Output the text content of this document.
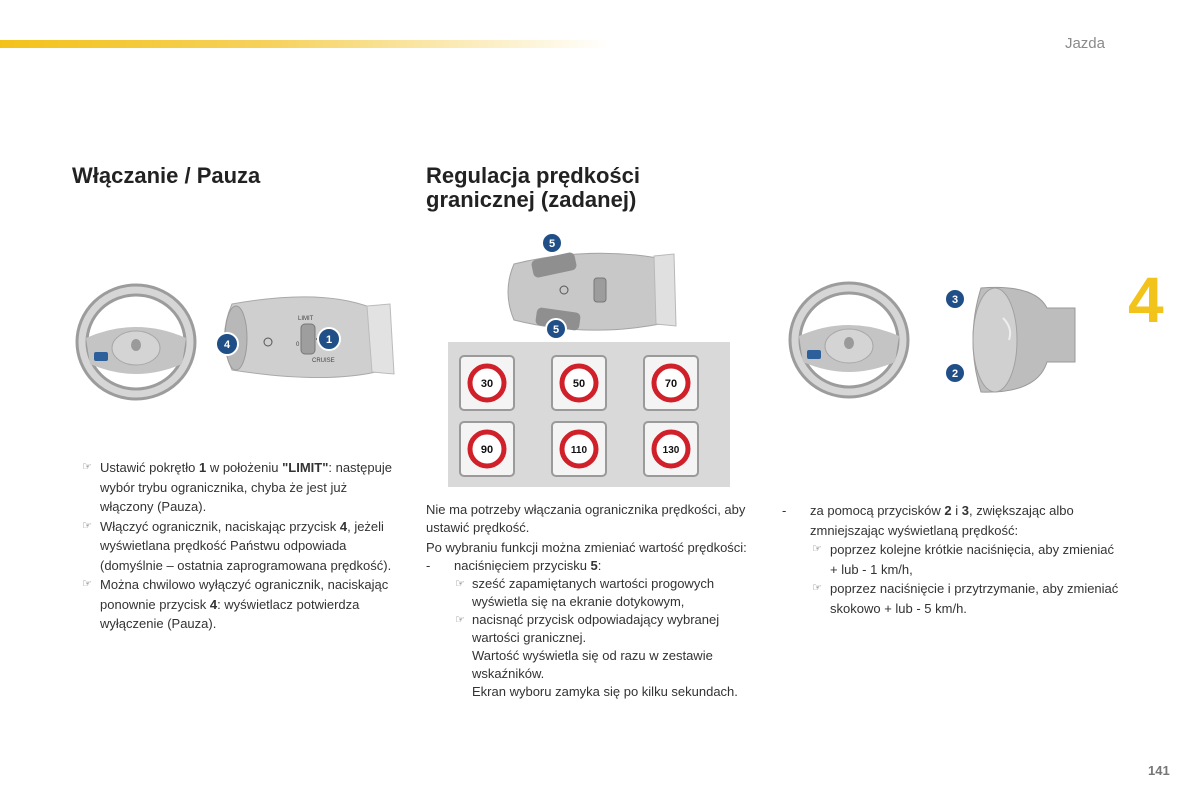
Jazda
4
141
Włączanie / Pauza	Regulacja prędkości granicznej (zadanej)
LIMIT
0
CRUISE
4	1
5
5
30	50	70
90	110	130
3
2

☞ Ustawić pokrętło 1 w położeniu "LIMIT": następuje wybór trybu ogranicznika, chyba że jest już włączony (Pauza).

☞ Włączyć ogranicznik, naciskając przycisk 4, jeżeli wyświetlana prędkość Państwu odpowiada (domyślnie – ostatnia zaprogramowana prędkość).

☞ Można chwilowo wyłączyć ogranicznik, naciskając ponownie przycisk 4: wyświetlacz potwierdza wyłączenie (Pauza).

Nie ma potrzeby włączania ogranicznika prędkości, aby ustawić prędkość.

Po wybraniu funkcji można zmieniać wartość prędkości:

- naciśnięciem przycisku 5:

☞ sześć zapamiętanych wartości progowych wyświetla się na ekranie dotykowym,

☞ nacisnąć przycisk odpowiadający wybranej wartości granicznej.

Wartość wyświetla się od razu w zestawie wskaźników.

Ekran wyboru zamyka się po kilku sekundach.

- za pomocą przycisków 2 i 3, zwiększając albo zmniejszając wyświetlaną prędkość:

☞ poprzez kolejne krótkie naciśnięcia, aby zmieniać + lub - 1 km/h,

☞ poprzez naciśnięcie i przytrzymanie, aby zmieniać skokowo + lub - 5 km/h.
